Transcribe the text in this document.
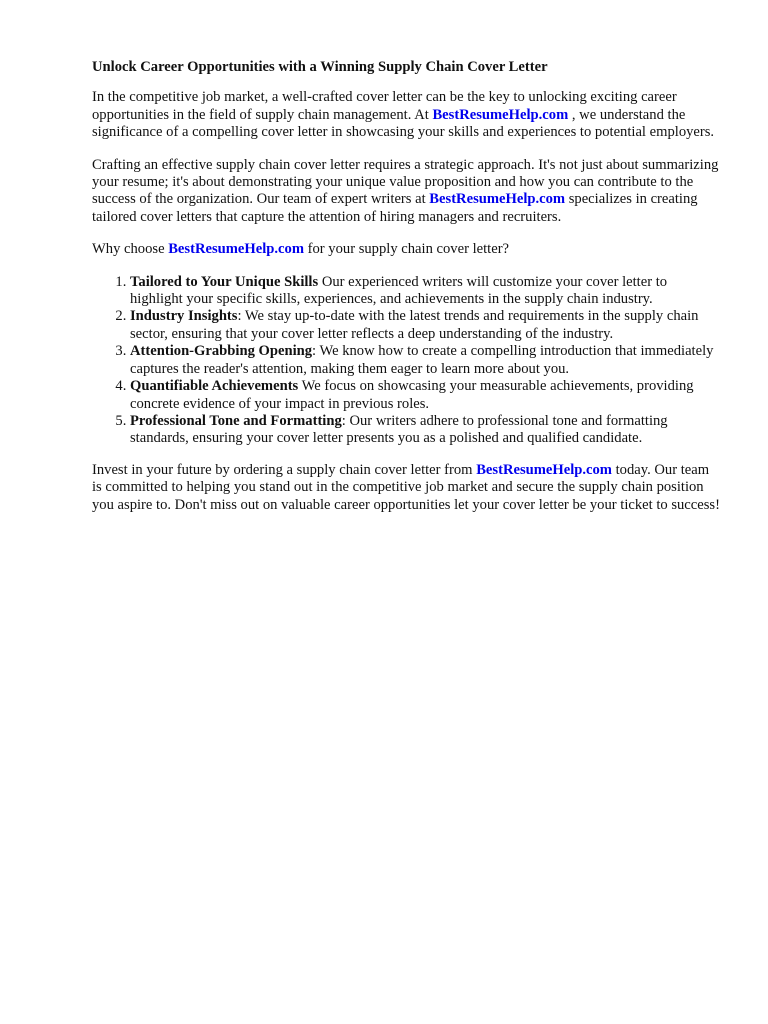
Unlock Career Opportunities with a Winning Supply Chain Cover Letter

In the competitive job market, a well-crafted cover letter can be the key to unlocking exciting career opportunities in the field of supply chain management. At BestResumeHelp.com , we understand the significance of a compelling cover letter in showcasing your skills and experiences to potential employers.

Crafting an effective supply chain cover letter requires a strategic approach. It's not just about summarizing your resume; it's about demonstrating your unique value proposition and how you can contribute to the success of the organization. Our team of expert writers at BestResumeHelp.com specializes in creating tailored cover letters that capture the attention of hiring managers and recruiters.

Why choose BestResumeHelp.com for your supply chain cover letter?

1. Tailored to Your Unique Skills Our experienced writers will customize your cover letter to highlight your specific skills, experiences, and achievements in the supply chain industry.
2. Industry Insights: We stay up-to-date with the latest trends and requirements in the supply chain sector, ensuring that your cover letter reflects a deep understanding of the industry.
3. Attention-Grabbing Opening: We know how to create a compelling introduction that immediately captures the reader's attention, making them eager to learn more about you.
4. Quantifiable Achievements We focus on showcasing your measurable achievements, providing concrete evidence of your impact in previous roles.
5. Professional Tone and Formatting: Our writers adhere to professional tone and formatting standards, ensuring your cover letter presents you as a polished and qualified candidate.

Invest in your future by ordering a supply chain cover letter from BestResumeHelp.com today. Our team is committed to helping you stand out in the competitive job market and secure the supply chain position you aspire to. Don't miss out on valuable career opportunities let your cover letter be your ticket to success!
